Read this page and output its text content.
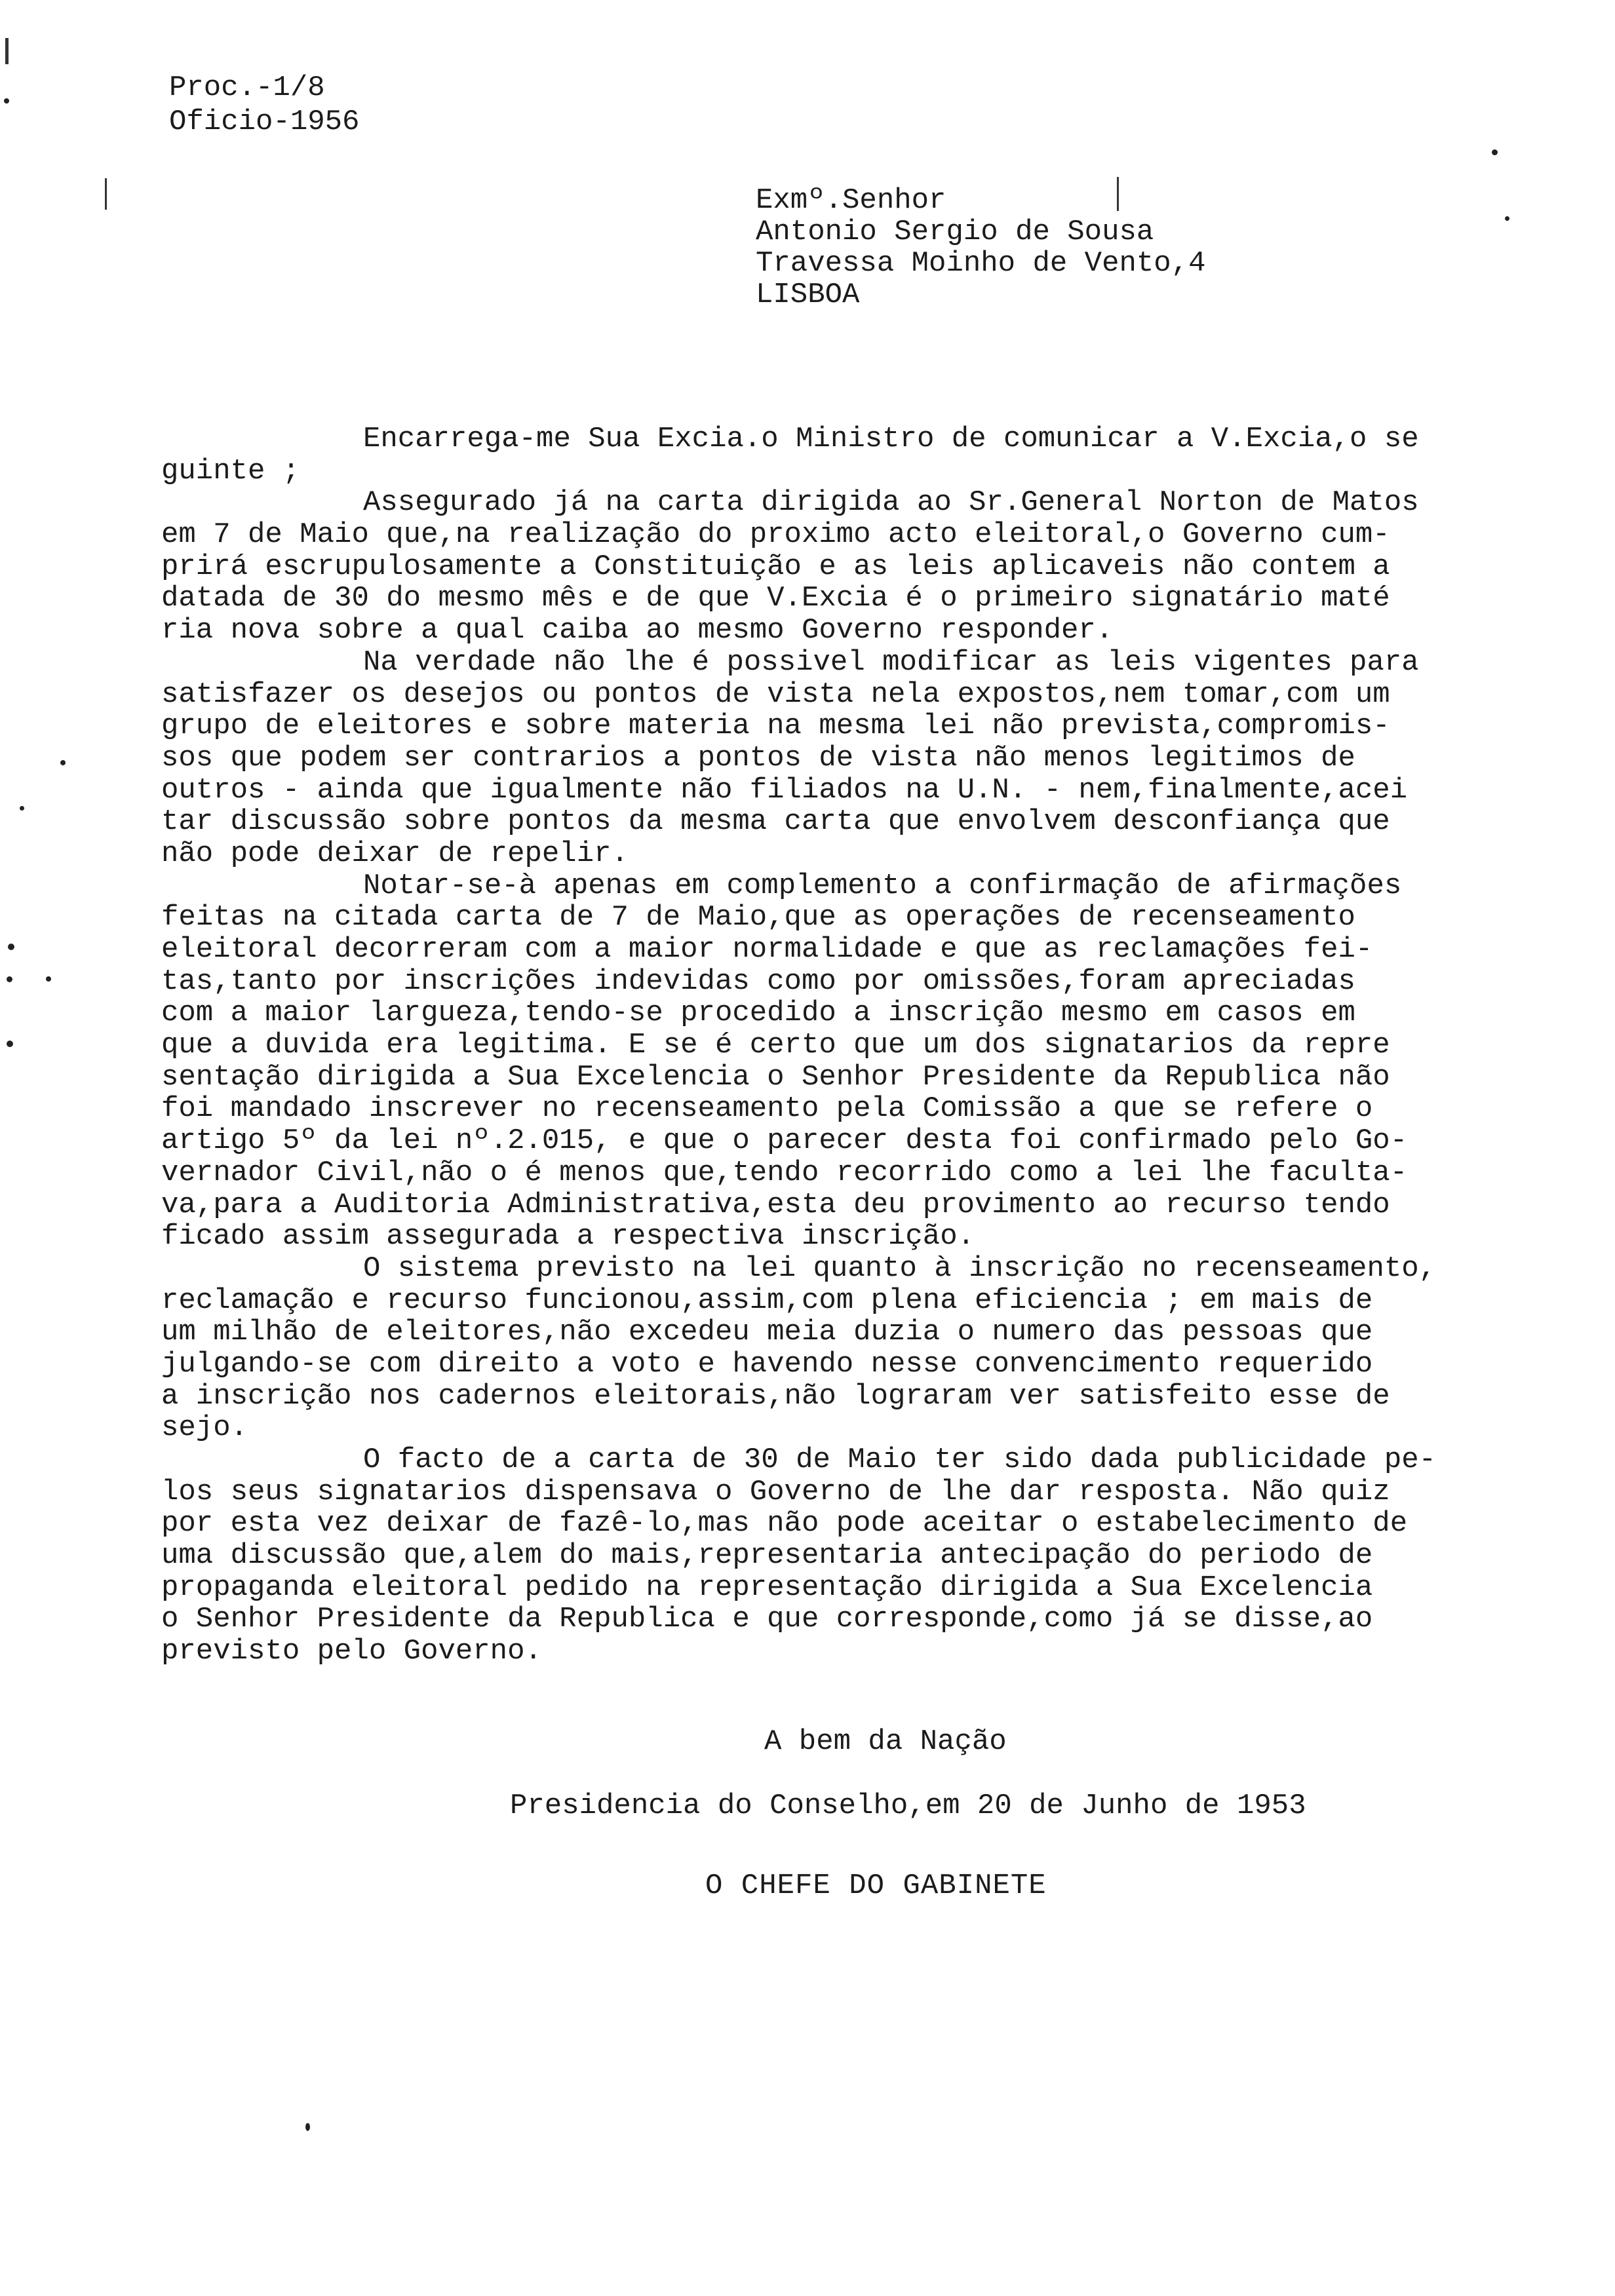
Proc.-1/8
Oficio-1956
Exmº.Senhor
Antonio Sergio de Sousa
Travessa Moinho de Vento,4
LISBOA
Encarrega-me Sua Excia.o Ministro de comunicar a V.Excia,o se
guinte ;
Assegurado já na carta dirigida ao Sr.General Norton de Matos
em 7 de Maio que,na realização do proximo acto eleitoral,o Governo cum-
prirá escrupulosamente a Constituição e as leis aplicaveis não contem a
datada de 30 do mesmo mês e de que V.Excia é o primeiro signatário maté
ria nova sobre a qual caiba ao mesmo Governo responder.
Na verdade não lhe é possivel modificar as leis vigentes para
satisfazer os desejos ou pontos de vista nela expostos,nem tomar,com um
grupo de eleitores e sobre materia na mesma lei não prevista,compromis-
sos que podem ser contrarios a pontos de vista não menos legitimos de
outros - ainda que igualmente não filiados na U.N. - nem,finalmente,acei
tar discussão sobre pontos da mesma carta que envolvem desconfiança que
não pode deixar de repelir.
Notar-se-à apenas em complemento a confirmação de afirmações
feitas na citada carta de 7 de Maio,que as operações de recenseamento
eleitoral decorreram com a maior normalidade e que as reclamações fei-
tas,tanto por inscrições indevidas como por omissões,foram apreciadas
com a maior largueza,tendo-se procedido a inscrição mesmo em casos em
que a duvida era legitima. E se é certo que um dos signatarios da repre
sentação dirigida a Sua Excelencia o Senhor Presidente da Republica não
foi mandado inscrever no recenseamento pela Comissão a que se refere o
artigo 5º da lei nº.2.015, e que o parecer desta foi confirmado pelo Go-
vernador Civil,não o é menos que,tendo recorrido como a lei lhe faculta-
va,para a Auditoria Administrativa,esta deu provimento ao recurso tendo
ficado assim assegurada a respectiva inscrição.
O sistema previsto na lei quanto à inscrição no recenseamento,
reclamação e recurso funcionou,assim,com plena eficiencia ; em mais de
um milhão de eleitores,não excedeu meia duzia o numero das pessoas que
julgando-se com direito a voto e havendo nesse convencimento requerido
a inscrição nos cadernos eleitorais,não lograram ver satisfeito esse de
sejo.
O facto de a carta de 30 de Maio ter sido dada publicidade pe-
los seus signatarios dispensava o Governo de lhe dar resposta. Não quiz
por esta vez deixar de fazê-lo,mas não pode aceitar o estabelecimento de
uma discussão que,alem do mais,representaria antecipação do periodo de
propaganda eleitoral pedido na representação dirigida a Sua Excelencia
o Senhor Presidente da Republica e que corresponde,como já se disse,ao
previsto pelo Governo.
A bem da Nação
Presidencia do Conselho,em 20 de Junho de 1953
O CHEFE DO GABINETE
